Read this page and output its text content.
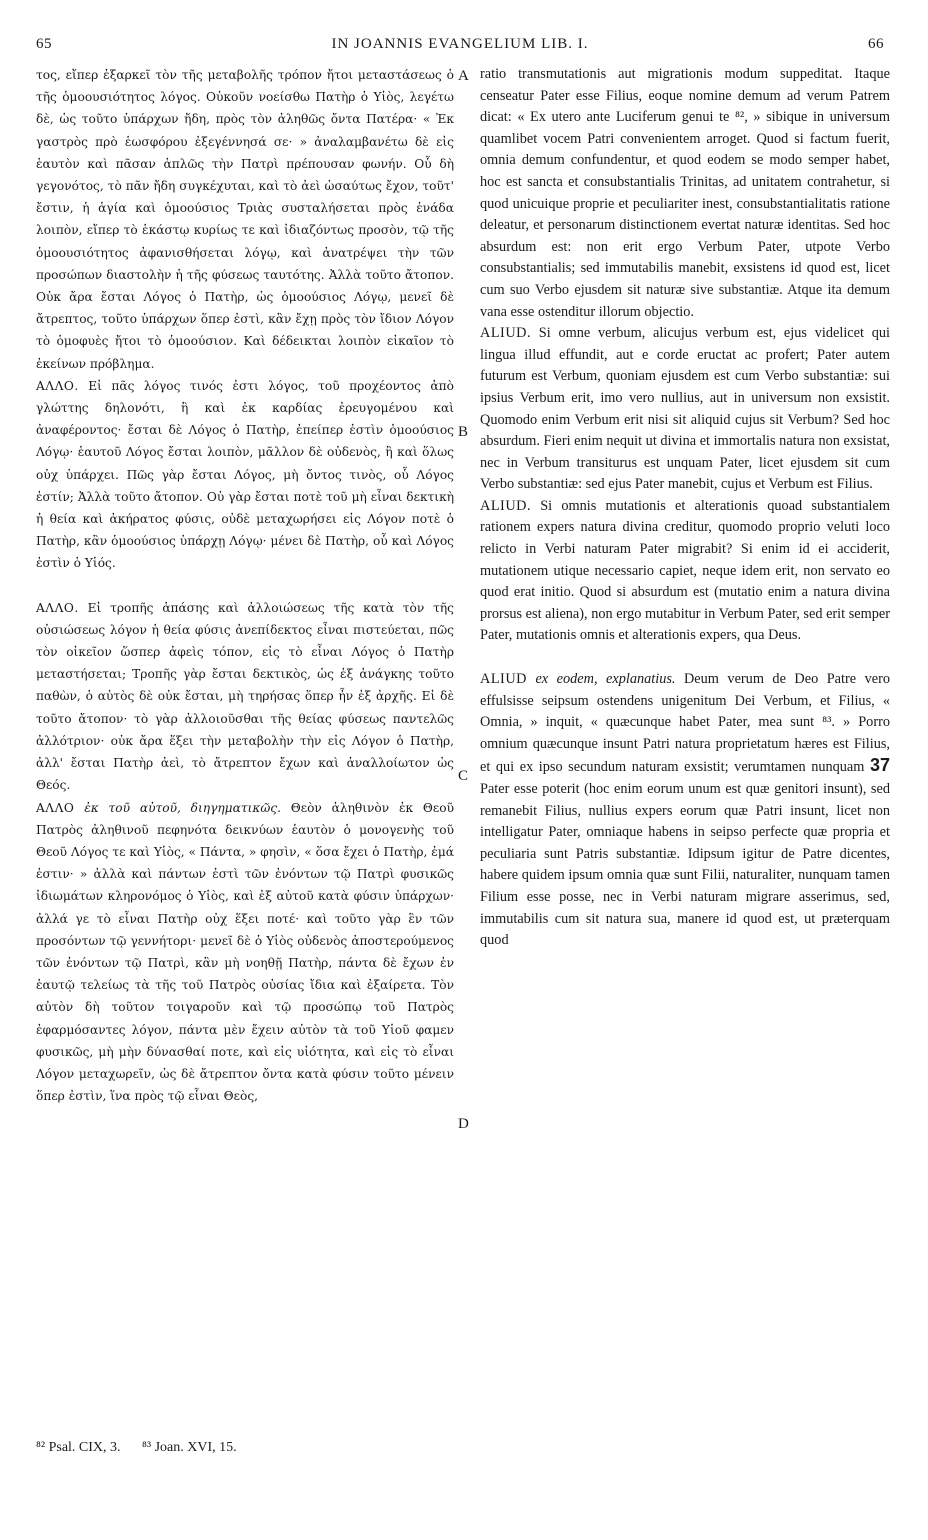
65	IN JOANNIS EVANGELIUM LIB. I.	66
A
B
C
D

τος, εἴπερ ἐξαρκεῖ τὸν τῆς μεταβολῆς τρόπον ἤτοι μεταστάσεως ὁ τῆς ὁμοουσιότητος λόγος. Οὐκοῦν νοείσθω Πατὴρ ὁ Υἱὸς, λεγέτω δὲ, ὡς τοῦτο ὑπάρχων ἤδη, πρὸς τὸν ἀληθῶς ὄντα Πατέρα· « Ἐκ γαστρὸς πρὸ ἑωσφόρου ἐξεγέννησά σε· » ἀναλαμβανέτω δὲ εἰς ἑαυτὸν καὶ πᾶσαν ἁπλῶς τὴν Πατρὶ πρέπουσαν φωνήν. Οὗ δὴ γεγονότος, τὸ πᾶν ἤδη συγκέχυται, καὶ τὸ ἀεὶ ὡσαύτως ἔχον, τοῦτ' ἔστιν, ἡ ἁγία καὶ ὁμοούσιος Τριὰς συσταλήσεται πρὸς ἑνάδα λοιπὸν, εἴπερ τὸ ἑκάστῳ κυρίως τε καὶ ἰδιαζόντως προσὸν, τῷ τῆς ὁμοουσιότητος ἀφανισθήσεται λόγῳ, καὶ ἀνατρέψει τὴν τῶν προσώπων διαστολὴν ἡ τῆς φύσεως ταυτότης. Ἀλλὰ τοῦτο ἄτοπον. Οὐκ ἄρα ἔσται Λόγος ὁ Πατὴρ, ὡς ὁμοούσιος Λόγῳ, μενεῖ δὲ ἄτρεπτος, τοῦτο ὑπάρχων ὅπερ ἐστὶ, κἂν ἔχῃ πρὸς τὸν ἴδιον Λόγον τὸ ὁμοφυὲς ἤτοι τὸ ὁμοούσιον. Καὶ δέδεικται λοιπὸν εἰκαῖον τὸ ἐκείνων πρόβλημα.

ΑΛΛΟ. Εἰ πᾶς λόγος τινός ἐστι λόγος, τοῦ προχέοντος ἀπὸ γλώττης δηλονότι, ἢ καὶ ἐκ καρδίας ἐρευγομένου καὶ ἀναφέροντος· ἔσται δὲ Λόγος ὁ Πατὴρ, ἐπείπερ ἐστὶν ὁμοούσιος Λόγῳ· ἑαυτοῦ Λόγος ἔσται λοιπὸν, μᾶλλον δὲ οὐδενὸς, ἢ καὶ ὅλως οὐχ ὑπάρχει. Πῶς γὰρ ἔσται Λόγος, μὴ ὄντος τινὸς, οὗ Λόγος ἐστίν; Ἀλλὰ τοῦτο ἄτοπον. Οὐ γὰρ ἔσται ποτὲ τοῦ μὴ εἶναι δεκτικὴ ἡ θεία καὶ ἀκήρατος φύσις, οὐδὲ μεταχωρήσει εἰς Λόγον ποτὲ ὁ Πατὴρ, κἂν ὁμοούσιος ὑπάρχῃ Λόγῳ· μένει δὲ Πατὴρ, οὗ καὶ Λόγος ἐστὶν ὁ Υἱός.

ΑΛΛΟ. Εἰ τροπῆς ἁπάσης καὶ ἀλλοιώσεως τῆς κατὰ τὸν τῆς οὐσιώσεως λόγον ἡ θεία φύσις ἀνεπίδεκτος εἶναι πιστεύεται, πῶς τὸν οἰκεῖον ὥσπερ ἀφεὶς τόπον, εἰς τὸ εἶναι Λόγος ὁ Πατὴρ μεταστήσεται; Τροπῆς γὰρ ἔσται δεκτικὸς, ὡς ἐξ ἀνάγκης τοῦτο παθὼν, ὁ αὐτὸς δὲ οὐκ ἔσται, μὴ τηρήσας ὅπερ ἦν ἐξ ἀρχῆς. Εἰ δὲ τοῦτο ἄτοπον· τὸ γὰρ ἀλλοιοῦσθαι τῆς θείας φύσεως παντελῶς ἀλλότριον· οὐκ ἄρα ἕξει τὴν μεταβολὴν τὴν εἰς Λόγον ὁ Πατὴρ, ἀλλ' ἔσται Πατὴρ ἀεὶ, τὸ ἄτρεπτον ἔχων καὶ ἀναλλοίωτον ὡς Θεός.

ΑΛΛΟ ἐκ τοῦ αὐτοῦ, διηγηματικῶς. Θεὸν ἀληθινὸν ἐκ Θεοῦ Πατρὸς ἀληθινοῦ πεφηνότα δεικνύων ἑαυτὸν ὁ μονογενὴς τοῦ Θεοῦ Λόγος τε καὶ Υἱὸς, « Πάντα, » φησὶν, « ὅσα ἔχει ὁ Πατὴρ, ἐμά ἐστιν· » ἀλλὰ καὶ πάντων ἐστὶ τῶν ἐνόντων τῷ Πατρὶ φυσικῶς ἰδιωμάτων κληρονόμος ὁ Υἱὸς, καὶ ἐξ αὐτοῦ κατὰ φύσιν ὑπάρχων· ἀλλά γε τὸ εἶναι Πατὴρ οὐχ ἕξει ποτέ· καὶ τοῦτο γὰρ ἓν τῶν προσόντων τῷ γεννήτορι· μενεῖ δὲ ὁ Υἱὸς οὐδενὸς ἀποστερούμενος τῶν ἐνόντων τῷ Πατρὶ, κἂν μὴ νοηθῇ Πατὴρ, πάντα δὲ ἔχων ἐν ἑαυτῷ τελείως τὰ τῆς τοῦ Πατρὸς οὐσίας ἴδια καὶ ἐξαίρετα. Τὸν αὐτὸν δὴ τοῦτον τοιγαροῦν καὶ τῷ προσώπῳ τοῦ Πατρὸς ἐφαρμόσαντες λόγον, πάντα μὲν ἔχειν αὐτὸν τὰ τοῦ Υἱοῦ φαμεν φυσικῶς, μὴ μὴν δύνασθαί ποτε, καὶ εἰς υἱότητα, καὶ εἰς τὸ εἶναι Λόγον μεταχωρεῖν, ὡς δὲ ἄτρεπτον ὄντα κατὰ φύσιν τοῦτο μένειν ὅπερ ἐστὶν, ἵνα πρὸς τῷ εἶναι Θεὸς,

ratio transmutationis aut migrationis modum suppeditat. Itaque censeatur Pater esse Filius, eoque nomine demum ad verum Patrem dicat: « Ex utero ante Luciferum genui te ⁸², » sibique in universum quamlibet vocem Patri convenientem arroget. Quod si factum fuerit, omnia demum confundentur, et quod eodem se modo semper habet, hoc est sancta et consubstantialis Trinitas, ad unitatem contrahetur, si quod unicuique proprie et peculiariter inest, consubstantialitatis ratione deleatur, et personarum distinctionem evertat naturæ identitas. Sed hoc absurdum est: non erit ergo Verbum Pater, utpote Verbo consubstantialis; sed immutabilis manebit, exsistens id quod est, licet cum suo Verbo ejusdem sit naturæ sive substantiæ. Atque ita demum vana esse ostenditur illorum objectio.

ALIUD. Si omne verbum, alicujus verbum est, ejus videlicet qui lingua illud effundit, aut e corde eructat ac profert; Pater autem futurum est Verbum, quoniam ejusdem est cum Verbo substantiæ: sui ipsius Verbum erit, imo vero nullius, aut in universum non exsistit. Quomodo enim Verbum erit nisi sit aliquid cujus sit Verbum? Sed hoc absurdum. Fieri enim nequit ut divina et immortalis natura non exsistat, nec in Verbum transiturus est unquam Pater, licet ejusdem sit cum Verbo substantiæ: sed ejus Pater manebit, cujus et Verbum est Filius.

ALIUD. Si omnis mutationis et alterationis quoad substantialem rationem expers natura divina creditur, quomodo proprio veluti loco relicto in Verbi naturam Pater migrabit? Si enim id ei acciderit, mutationem utique necessario capiet, neque idem erit, non servato eo quod erat initio. Quod si absurdum est (mutatio enim a natura divina prorsus est aliena), non ergo mutabitur in Verbum Pater, sed erit semper Pater, mutationis omnis et alterationis expers, qua Deus.

ALIUD ex eodem, explanatius. Deum verum de Deo Patre vero effulsisse seipsum ostendens unigenitum Dei Verbum, et Filius, « Omnia, » inquit, « quæcunque habet Pater, mea sunt ⁸³. » Porro omnium quæcunque insunt Patri natura proprietatum hæres est Filius, et qui ex ipso secundum naturam exsistit; verumtamen nunquam 37 Pater esse poterit (hoc enim eorum unum est quæ genitori insunt), sed remanebit Filius, nullius expers eorum quæ Patri insunt, licet non intelligatur Pater, omniaque habens in seipso perfecte quæ propria et peculiaria sunt Patris substantiæ. Idipsum igitur de Patre dicentes, habere quidem ipsum omnia quæ sunt Filii, naturaliter, nunquam tamen Filium esse posse, nec in Verbi naturam migrare asserimus, sed, immutabilis cum sit natura sua, manere id quod est, ut præterquam quod

⁸² Psal. CIX, 3. ⁸³ Joan. XVI, 15.
